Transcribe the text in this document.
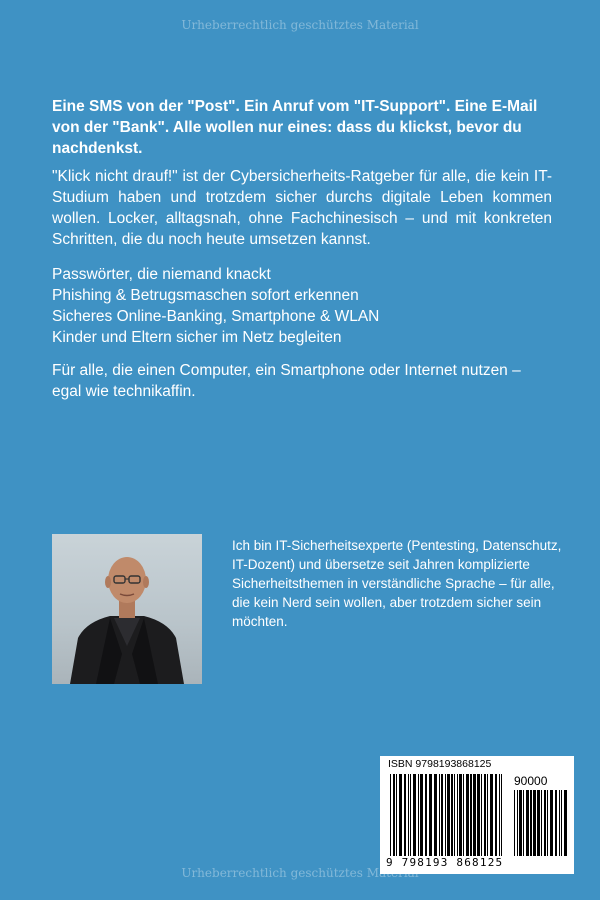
Urheberrechtlich geschütztes Material
Eine SMS von der "Post". Ein Anruf vom "IT-Support". Eine E-Mail von der "Bank". Alle wollen nur eines: dass du klickst, bevor du nachdenkst.
"Klick nicht drauf!" ist der Cybersicherheits-Ratgeber für alle, die kein IT-Studium haben und trotzdem sicher durchs digitale Leben kommen wollen. Locker, alltagsnah, ohne Fachchinesisch – und mit konkreten Schritten, die du noch heute umsetzen kannst.
Passwörter, die niemand knackt
Phishing & Betrugsmaschen sofort erkennen
Sicheres Online-Banking, Smartphone & WLAN
Kinder und Eltern sicher im Netz begleiten
Für alle, die einen Computer, ein Smartphone oder Internet nutzen – egal wie technikaffin.
Ich bin IT-Sicherheitsexperte (Pentesting, Datenschutz, IT-Dozent) und übersetze seit Jahren komplizierte Sicherheitsthemen in verständliche Sprache – für alle, die kein Nerd sein wollen, aber trotzdem sicher sein möchten.
ISBN 9798193868125
90000
9 798193 868125
Urheberrechtlich geschütztes Material
